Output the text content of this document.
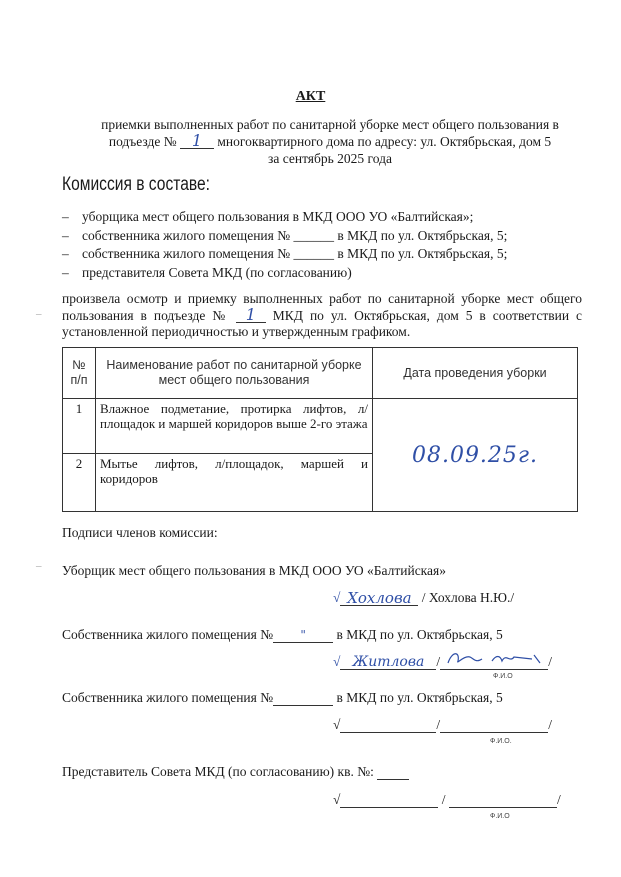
АКТ
приемки выполненных работ по санитарной уборке мест общего пользования в
подъезде № 1 многоквартирного дома по адресу: ул. Октябрьская, дом 5
за сентябрь 2025 года
Комиссия в составе:
– уборщика мест общего пользования в МКД ООО УО «Балтийская»;
– собственника жилого помещения № ______ в МКД по ул. Октябрьская, 5;
– собственника жилого помещения № ______ в МКД по ул. Октябрьская, 5;
– представителя Совета МКД (по согласованию)
произвела осмотр и приемку выполненных работ по санитарной уборке мест общего пользования в подъезде № 1 МКД по ул. Октябрьская, дом 5 в соответствии с установленной периодичностью и утвержденным графиком.
–
–
№ п/п	Наименование работ по санитарной уборке мест общего пользования	Дата проведения уборки
1	Влажное подметание, протирка лифтов, л/площадок и маршей коридоров выше 2-го этажа	08.09.25г.
2	Мытье лифтов, л/площадок, маршей и коридоров	
Подписи членов комиссии:
Уборщик мест общего пользования в МКД ООО УО «Балтийская»
√ Хохлова / Хохлова Н.Ю./
Собственника жилого помещения № " в МКД по ул. Октябрьская, 5
√ Житлова /	/
Ф.И.О
Собственника жилого помещения №	в МКД по ул. Октябрьская, 5
√	/	/
Ф.И.О.
Представитель Совета МКД (по согласованию) кв. №:
√	/	/
Ф.И.О
